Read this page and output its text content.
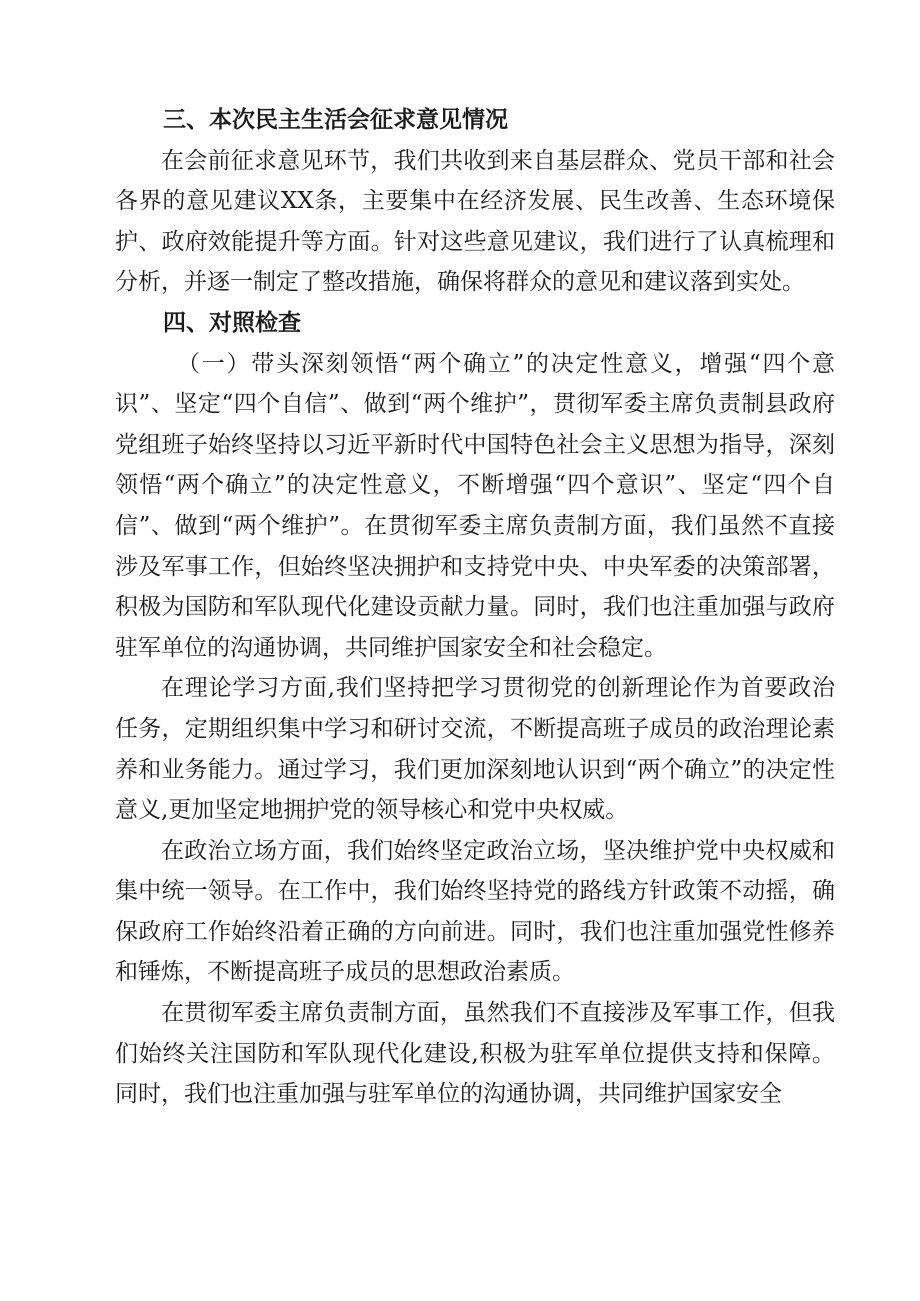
三、本次民主生活会征求意见情况

在会前征求意见环节，我们共收到来自基层群众、党员干部和社会各界的意见建议XX条，主要集中在经济发展、民生改善、生态环境保护、政府效能提升等方面。针对这些意见建议，我们进行了认真梳理和分析，并逐一制定了整改措施，确保将群众的意见和建议落到实处。

四、对照检查

（一）带头深刻领悟“两个确立”的决定性意义，增强“四个意识”、坚定“四个自信”、做到“两个维护”，贯彻军委主席负责制县政府党组班子始终坚持以习近平新时代中国特色社会主义思想为指导，深刻领悟“两个确立”的决定性意义，不断增强“四个意识”、坚定“四个自信”、做到“两个维护”。在贯彻军委主席负责制方面，我们虽然不直接涉及军事工作，但始终坚决拥护和支持党中央、中央军委的决策部署，积极为国防和军队现代化建设贡献力量。同时，我们也注重加强与政府驻军单位的沟通协调，共同维护国家安全和社会稳定。

在理论学习方面,我们坚持把学习贯彻党的创新理论作为首要政治任务，定期组织集中学习和研讨交流，不断提高班子成员的政治理论素养和业务能力。通过学习，我们更加深刻地认识到“两个确立”的决定性意义,更加坚定地拥护党的领导核心和党中央权威。

在政治立场方面，我们始终坚定政治立场，坚决维护党中央权威和集中统一领导。在工作中，我们始终坚持党的路线方针政策不动摇，确保政府工作始终沿着正确的方向前进。同时，我们也注重加强党性修养和锤炼，不断提高班子成员的思想政治素质。

在贯彻军委主席负责制方面，虽然我们不直接涉及军事工作，但我们始终关注国防和军队现代化建设,积极为驻军单位提供支持和保障。同时，我们也注重加强与驻军单位的沟通协调，共同维护国家安全
